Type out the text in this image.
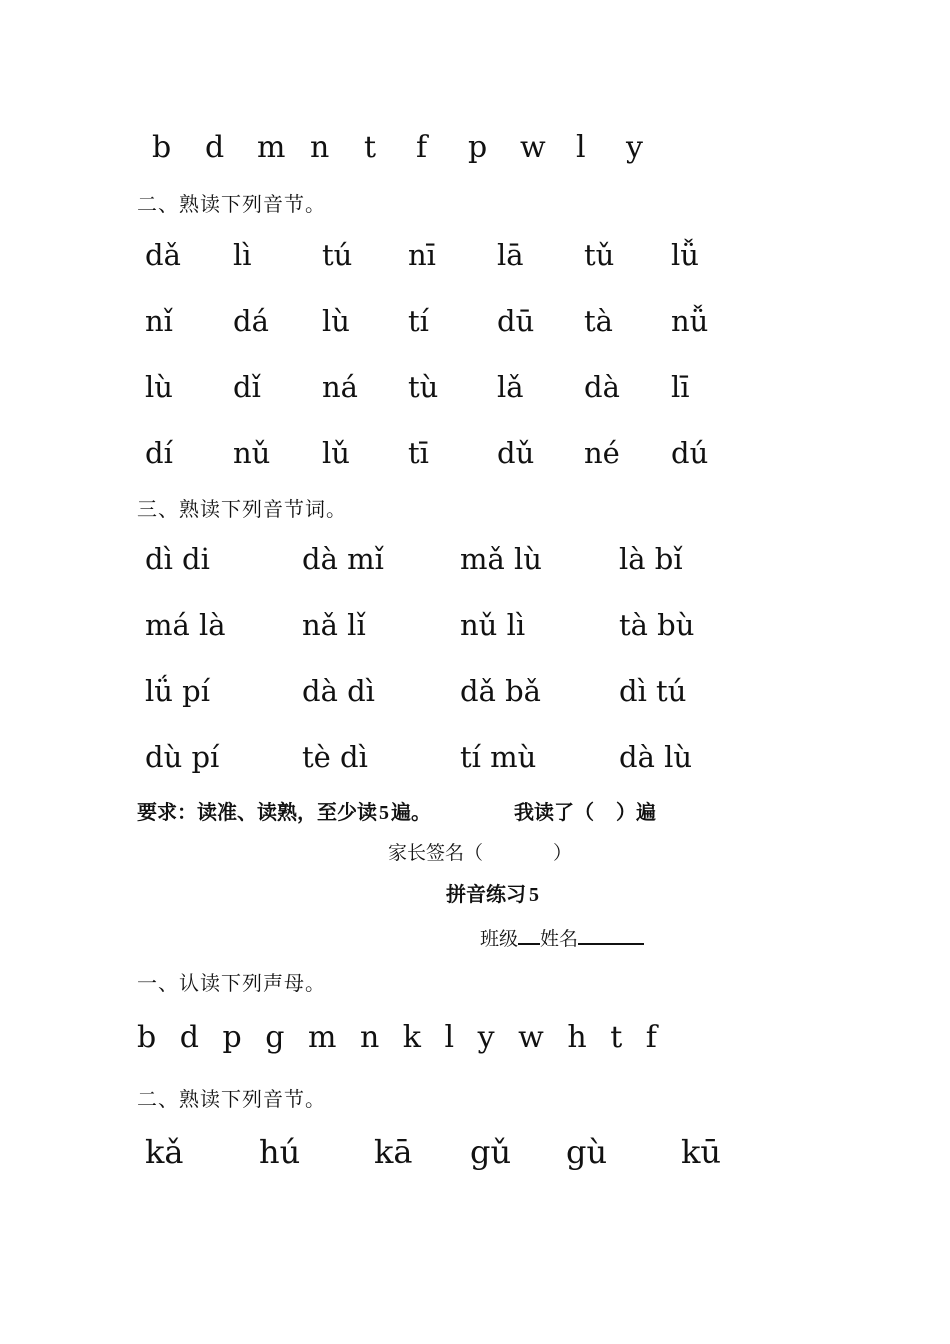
b d m n t f p w l y
二、熟读下列音节。
dǎ lì tú nī lā tǔ lǚ
nǐ dá lù tí dū tà nǚ
lù dǐ ná tù lǎ dà lī
dí nǔ lǔ tī dǔ né dú
三、熟读下列音节词。
dì di	dà mǐ	mǎ lù	là bǐ
má là	nǎ lǐ	nǔ lì	tà bù
lǘ pí	dà dì	dǎ bǎ	dì tú
dù pí	tè dì	tí mù	dà lù
要求：读准、读熟，至少读 5 遍。	我读了（ ）遍
家长签名（	）
拼音练习 5
班级 姓名
一、认读下列声母。
b d p g m n k l y w h t f
二、熟读下列音节。
kǎ hú kā gǔ gù kū
